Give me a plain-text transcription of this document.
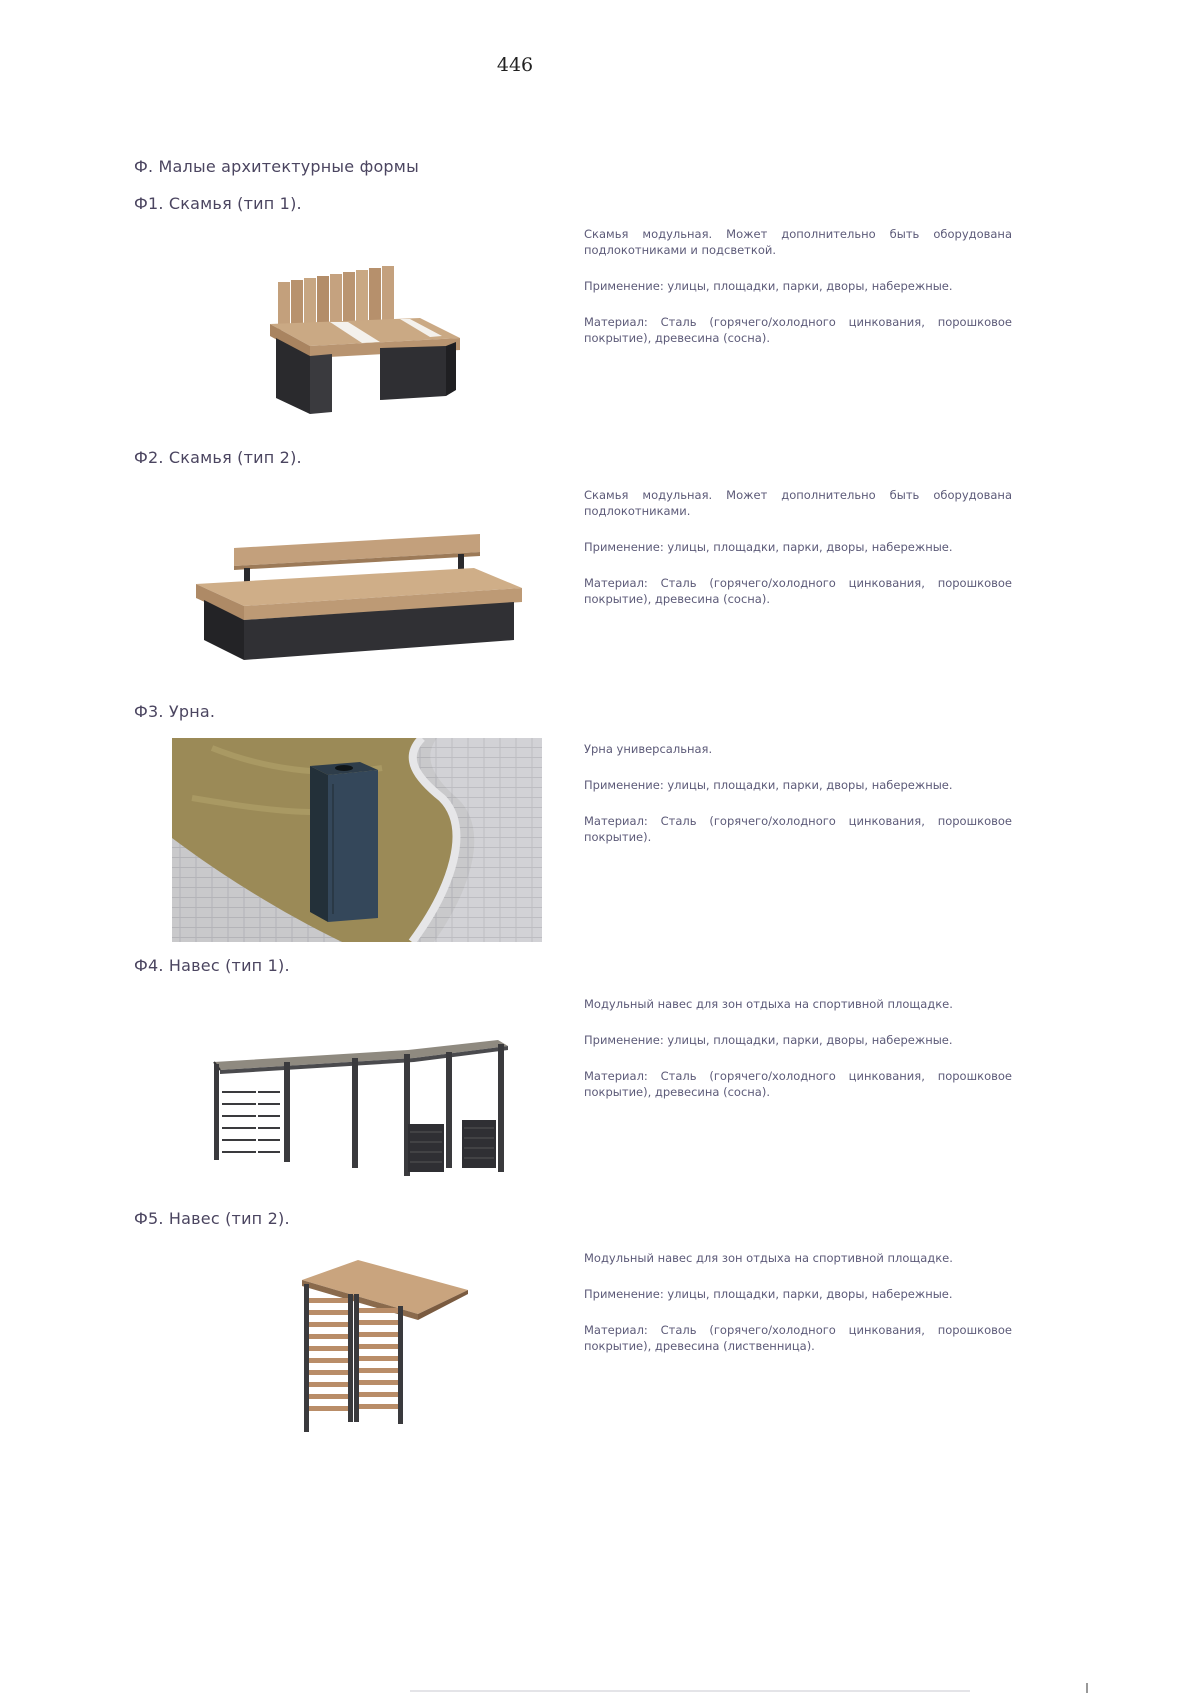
446
Ф. Малые архитектурные формы
Ф1. Скамья (тип 1).

Скамья модульная. Может дополнительно быть оборудована подлокотниками и подсветкой.

Применение: улицы, площадки, парки, дворы, набережные.

Материал: Сталь (горячего/холодного цинкования, порошковое покрытие), древесина (сосна).

Ф2. Скамья (тип 2).

Скамья модульная. Может дополнительно быть оборудована подлокотниками.

Применение: улицы, площадки, парки, дворы, набережные.

Материал: Сталь (горячего/холодного цинкования, порошковое покрытие), древесина (сосна).

Ф3. Урна.

Урна универсальная.

Применение: улицы, площадки, парки, дворы, набережные.

Материал: Сталь (горячего/холодного цинкования, порошковое покрытие).

Ф4. Навес (тип 1).

Модульный навес для зон отдыха на спортивной площадке.

Применение: улицы, площадки, парки, дворы, набережные.

Материал: Сталь (горячего/холодного цинкования, порошковое покрытие), древесина (сосна).

Ф5. Навес (тип 2).

Модульный навес для зон отдыха на спортивной площадке.

Применение: улицы, площадки, парки, дворы, набережные.

Материал: Сталь (горячего/холодного цинкования, порошковое покрытие), древесина (лиственница).
